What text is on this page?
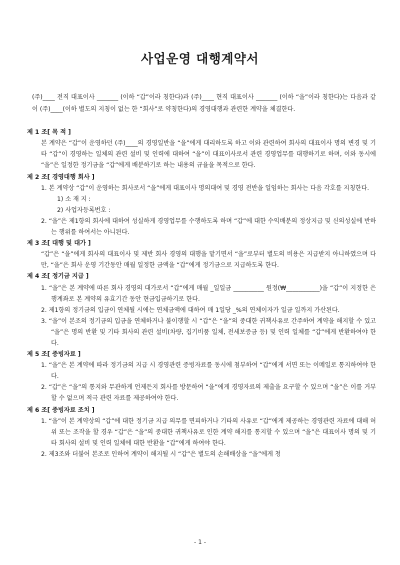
사업운영 대행계약서
(주)____ 전직 대표이사 _______ (이하 “갑”이라 칭한다)과 (주)____ 현직 대표이사 _______ (이하 “을”이라 칭한다)는 다음과 같이 (주)____(이하 별도의 지칭이 없는 한 “회사”로 약칭한다)의 경영대행과 관련한 계약을 체결한다.
제 1 조[ 목 적 ]
본 계약은 “갑”이 운영하던 (주)____의 경영일반을 “을”에게 대리하도록 하고 이와 관련하여 회사의 대표이사 명의 변경 및 기타 “갑”이 경영하는 일체의 관련 설비 및 인력에 대하여 “을”이 대표이사로서 관련 경영업무를 대행하기로 하며, 이와 동시에 “을”은 일정한 정기금을 “갑”에게 배분하기로 하는 내용의 규율을 목적으로 한다.
제 2 조[ 경영대행 회사 ]
1. 본 계약상 “갑”이 운영하는 회사로서 “을”에게 대표이사 명의대여 및 경영 전반을 일임하는 회사는 다음 각호를 지칭한다.
1) 소 재 지 :
2) 사업자등록번호 :
2. “을”은 제1항의 회사에 대하여 성실하게 경영업무를 수행하도록 하며 “갑”에 대한 수익배분의 정상지급 및 신의성실에 반하는 행위를 하여서는 아니된다.
제 3 조[ 대행 및 대가 ]
“갑”은 “을”에게 회사의 대표이사 및 제반 회사 경영의 대행을 맡기면서 “을”로부터 별도의 비용은 지급받지 아니하였으며 다만, “을”은 회사 운영 기간동안 매월 일정한 금액을 “갑”에게 정기금으로 지급하도록 한다.
제 4 조[ 정기금 지급 ]
1. “을”은 본 계약에 따른 회사 경영의 대가로서 “갑”에게 매월 _일일금 __________ 원정(₩___________)을 “갑”이 지정한 은행계좌로 본 계약의 유효기간 동안 현금입금하기로 한다.
2. 제1항의 정기금의 입금이 연체될 시에는 연체금액에 대하여 매 1일당 _%의 연체이자가 일금 일까지 가산된다.
3. “을”이 본조의 정기금의 입금을 연체하거나 불이행할 시 “갑”은 “을”의 중대한 귀책사유로 간주하여 계약을 해지할 수 있고 “을”은 명의 반환 및 기타 회사의 관련 설비(차량, 집기비품 일체, 전세보증금 등) 및 인력 일체를 “갑”에게 반환하여야 한다.
제 5 조[ 증빙자료 ]
1. “을”은 본 계약에 따라 정기금의 지급 시 경영관련 증빙자료를 동시에 첨부하여 “갑”에게 서면 또는 이메일로 통지하여야 한다.
2. “갑”은 “을”의 통지와 무관하게 언제든지 회사를 방문하여 “을”에게 경영자료의 제출을 요구할 수 있으며 “을”은 이를 거부할 수 없으며 적극 관련 자료를 제공하여야 한다.
제 6 조[ 중빙자료 조치 ]
1. “을”이 본 계약상의 “갑”에 대한 정기금 지급 의무를 면피하거나 기타의 사유로 “갑”에게 제공하는 경영관련 자료에 대해 허위 또는 조작을 할 경우 “갑”은 “을”의 중대한 귀책사유로 인한 계약 해지를 통지할 수 있으며 “을”은 대표이사 명의 및 기타 회사의 설비 및 인력 일체에 대한 반환을 “갑”에게 하여야 한다.
2. 제3조와 더불어 본조로 인하여 계약이 해지될 시 “갑”은 별도의 손해배상을 “을”에게 청
- 1 -
